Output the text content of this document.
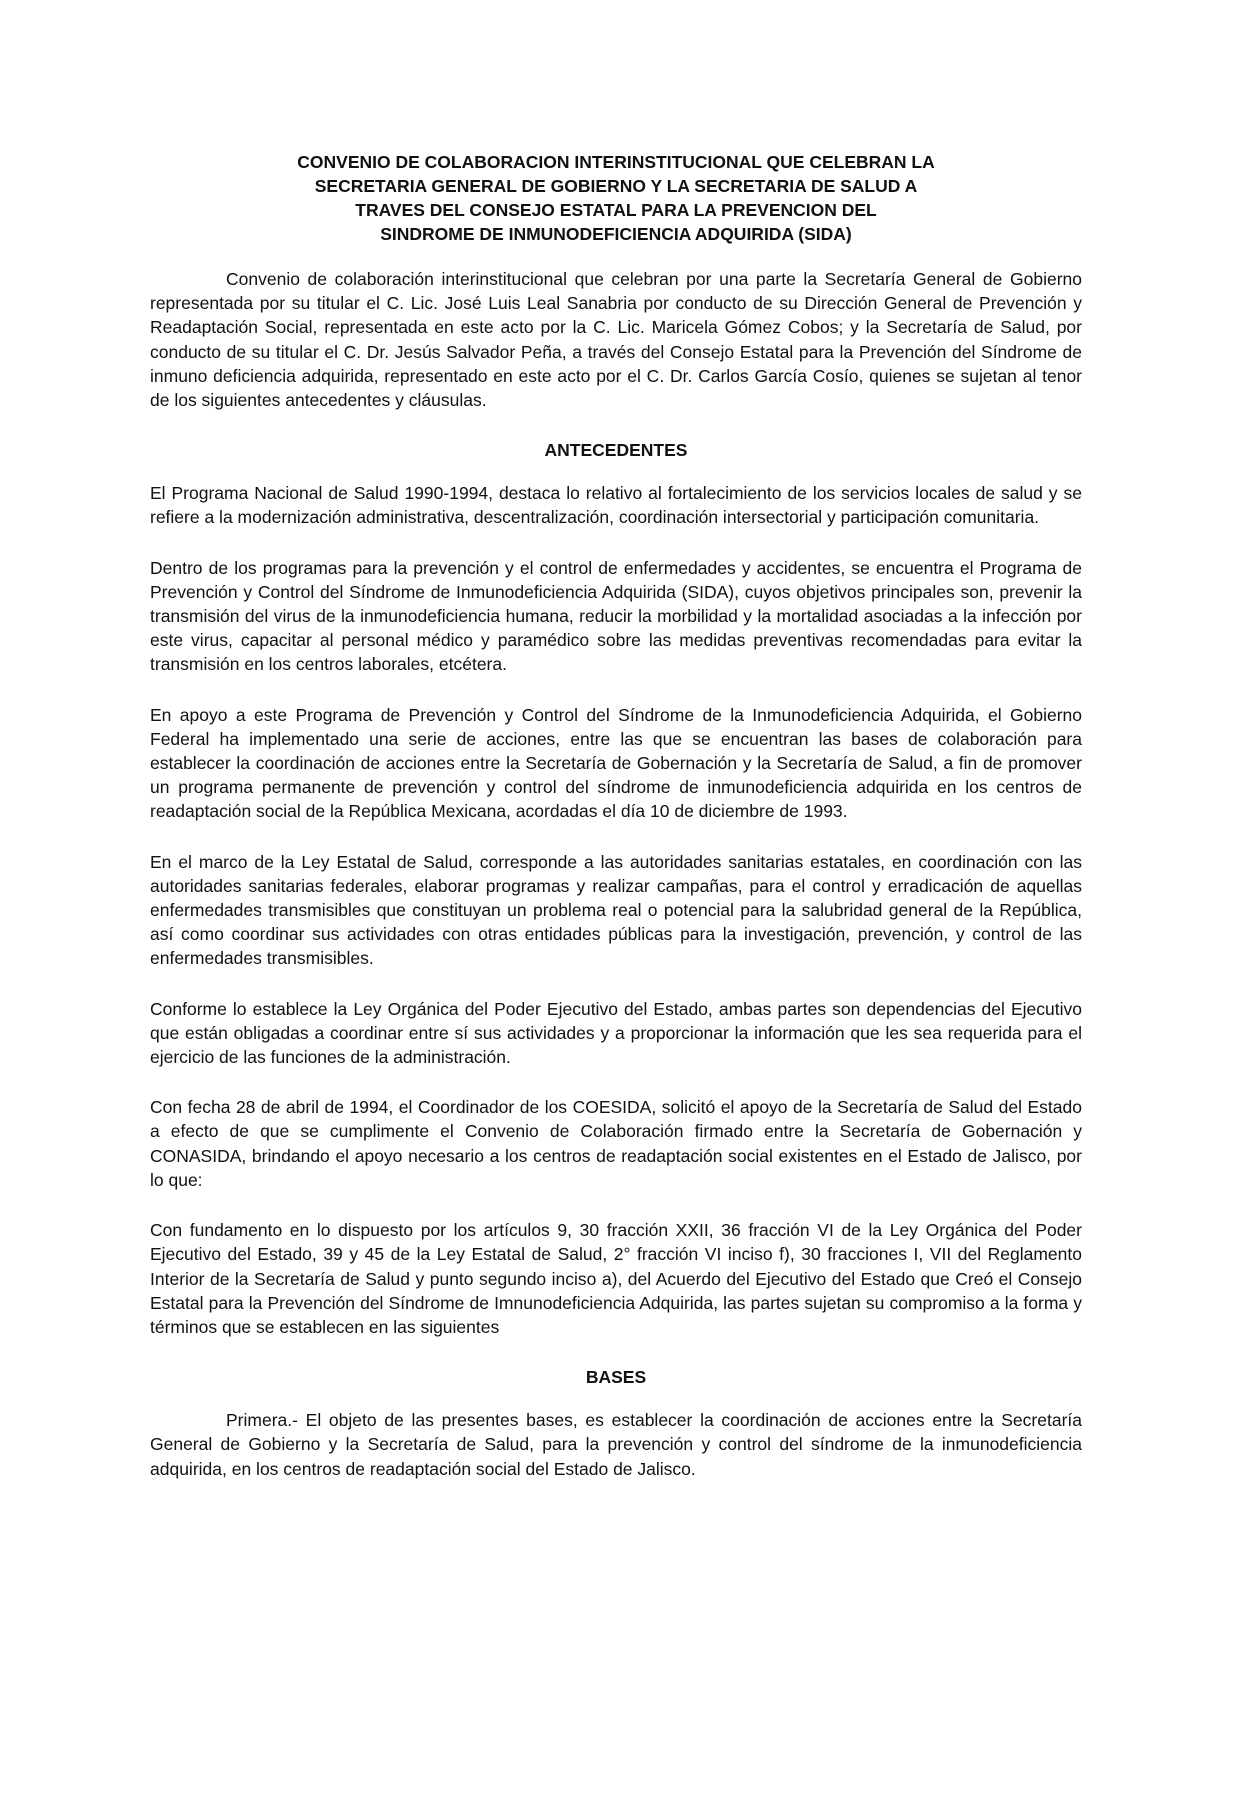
CONVENIO DE COLABORACION INTERINSTITUCIONAL QUE CELEBRAN LA
SECRETARIA GENERAL DE GOBIERNO Y LA SECRETARIA DE SALUD A
TRAVES DEL CONSEJO ESTATAL PARA LA PREVENCION DEL
SINDROME DE INMUNODEFICIENCIA ADQUIRIDA (SIDA)

Convenio de colaboración interinstitucional que celebran por una parte la Secretaría General de Gobierno representada por su titular el C. Lic. José Luis Leal Sanabria por conducto de su Dirección General de Prevención y Readaptación Social, representada en este acto por la C. Lic. Maricela Gómez Cobos; y la Secretaría de Salud, por conducto de su titular el C. Dr. Jesús Salvador Peña, a través del Consejo Estatal para la Prevención del Síndrome de inmuno deficiencia adquirida, representado en este acto por el C. Dr. Carlos García Cosío, quienes se sujetan al tenor de los siguientes antecedentes y cláusulas.

ANTECEDENTES

El Programa Nacional de Salud 1990-1994, destaca lo relativo al fortalecimiento de los servicios locales de salud y se refiere a la modernización administrativa, descentralización, coordinación intersectorial y participación comunitaria.

Dentro de los programas para la prevención y el control de enfermedades y accidentes, se encuentra el Programa de Prevención y Control del Síndrome de Inmunodeficiencia Adquirida (SIDA), cuyos objetivos principales son, prevenir la transmisión del virus de la inmunodeficiencia humana, reducir la morbilidad y la mortalidad asociadas a la infección por este virus, capacitar al personal médico y paramédico sobre las medidas preventivas recomendadas para evitar la transmisión en los centros laborales, etcétera.

En apoyo a este Programa de Prevención y Control del Síndrome de la Inmunodeficiencia Adquirida, el Gobierno Federal ha implementado una serie de acciones, entre las que se encuentran las bases de colaboración para establecer la coordinación de acciones entre la Secretaría de Gobernación y la Secretaría de Salud, a fin de promover un programa permanente de prevención y control del síndrome de inmunodeficiencia adquirida en los centros de readaptación social de la República Mexicana, acordadas el día 10 de diciembre de 1993.

En el marco de la Ley Estatal de Salud, corresponde a las autoridades sanitarias estatales, en coordinación con las autoridades sanitarias federales, elaborar programas y realizar campañas, para el control y erradicación de aquellas enfermedades transmisibles que constituyan un problema real o potencial para la salubridad general de la República, así como coordinar sus actividades con otras entidades públicas para la investigación, prevención, y control de las enfermedades transmisibles.

Conforme lo establece la Ley Orgánica del Poder Ejecutivo del Estado, ambas partes son dependencias del Ejecutivo que están obligadas a coordinar entre sí sus actividades y a proporcionar la información que les sea requerida para el ejercicio de las funciones de la administración.

Con fecha 28 de abril de 1994, el Coordinador de los COESIDA, solicitó el apoyo de la Secretaría de Salud del Estado a efecto de que se cumplimente el Convenio de Colaboración firmado entre la Secretaría de Gobernación y CONASIDA, brindando el apoyo necesario a los centros de readaptación social existentes en el Estado de Jalisco, por lo que:

Con fundamento en lo dispuesto por los artículos 9, 30 fracción XXII, 36 fracción VI de la Ley Orgánica del Poder Ejecutivo del Estado, 39 y 45 de la Ley Estatal de Salud, 2° fracción VI inciso f), 30 fracciones I, VII del Reglamento Interior de la Secretaría de Salud y punto segundo inciso a), del Acuerdo del Ejecutivo del Estado que Creó el Consejo Estatal para la Prevención del Síndrome de Imnunodeficiencia Adquirida, las partes sujetan su compromiso a la forma y términos que se establecen en las siguientes

BASES

Primera.- El objeto de las presentes bases, es establecer la coordinación de acciones entre la Secretaría General de Gobierno y la Secretaría de Salud, para la prevención y control del síndrome de la inmunodeficiencia adquirida, en los centros de readaptación social del Estado de Jalisco.
